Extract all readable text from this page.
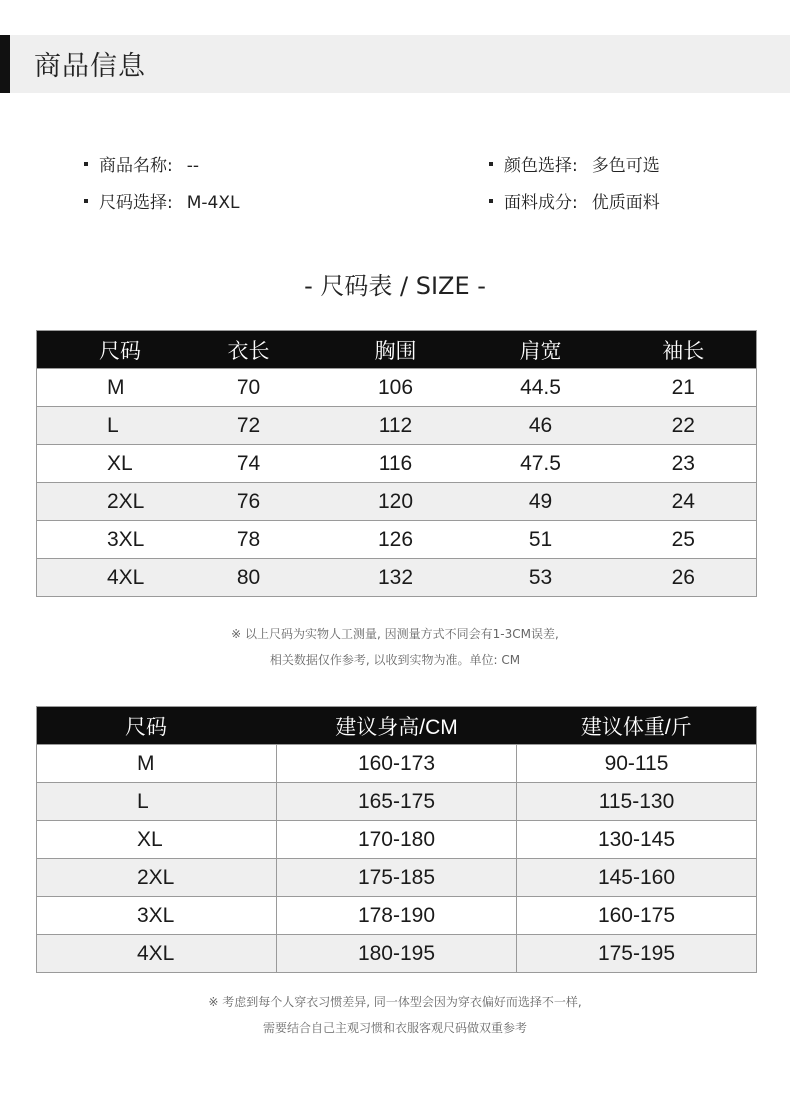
商品信息
商品名称: --
尺码选择: M-4XL
颜色选择: 多色可选
面料成分: 优质面料
- 尺码表 / SIZE -
尺码	衣长	胸围	肩宽	袖长
M	70	106	44.5	21
L	72	112	46	22
XL	74	116	47.5	23
2XL	76	120	49	24
3XL	78	126	51	25
4XL	80	132	53	26
※ 以上尺码为实物人工测量, 因测量方式不同会有1-3CM误差,
相关数据仅作参考, 以收到实物为准。单位: CM
尺码	建议身高/CM	建议体重/斤
M	160-173	90-115
L	165-175	115-130
XL	170-180	130-145
2XL	175-185	145-160
3XL	178-190	160-175
4XL	180-195	175-195
※ 考虑到每个人穿衣习惯差异, 同一体型会因为穿衣偏好而选择不一样,
需要结合自己主观习惯和衣服客观尺码做双重参考
